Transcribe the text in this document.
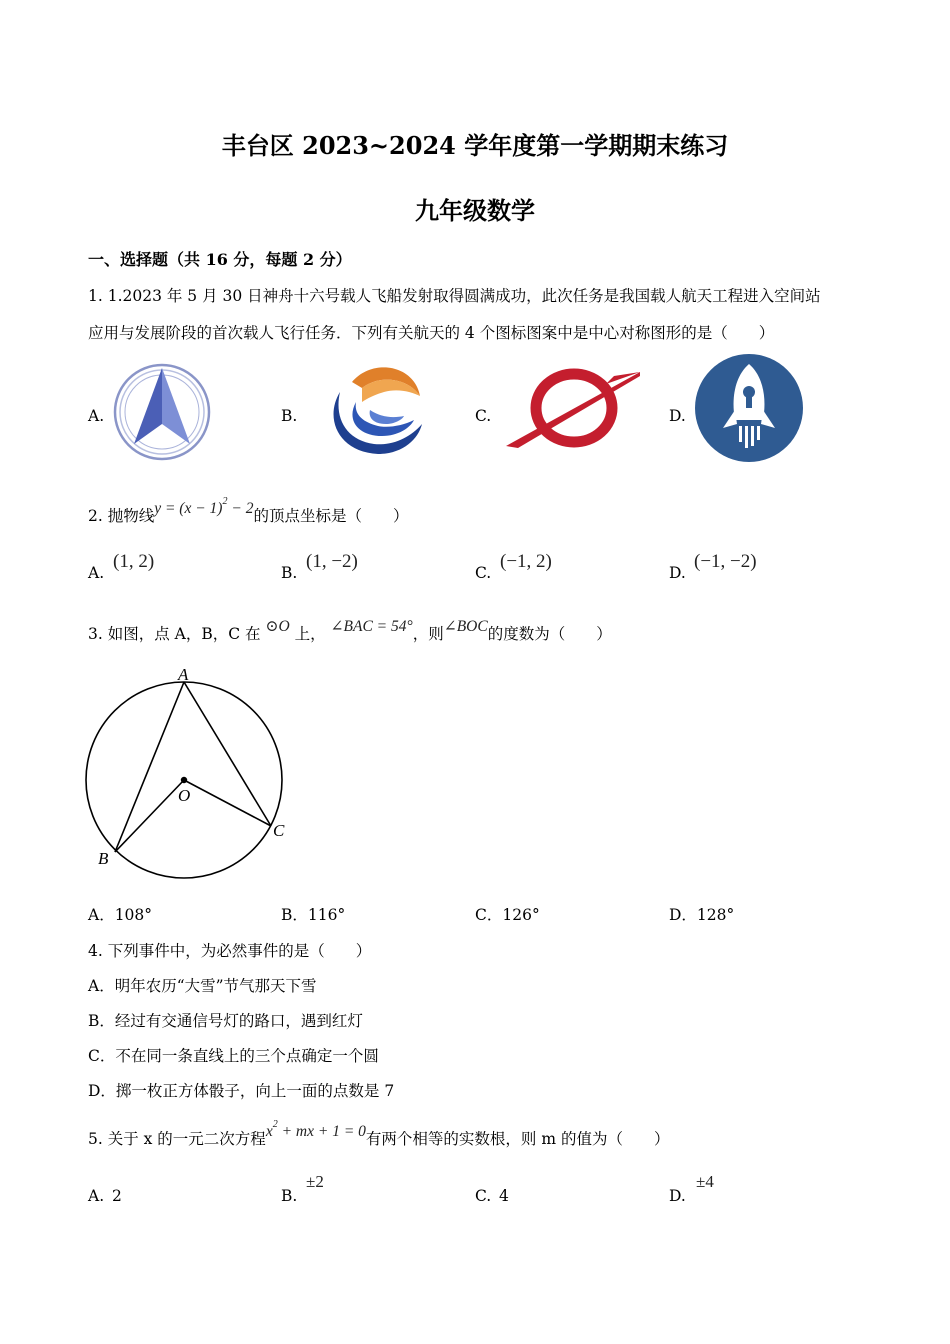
丰台区 2023~2024 学年度第一学期期末练习
九年级数学
一、选择题（共 16 分，每题 2 分）
1. 1.2023 年 5 月 30 日神舟十六号载人飞船发射取得圆满成功，此次任务是我国载人航天工程进入空间站
应用与发展阶段的首次载人飞行任务．下列有关航天的 4 个图标图案中是中心对称图形的是（　　）
A.	B.	C.	D.
2. 抛物线$y = (x - 1)^2 - 2$的顶点坐标是（　　）
A.
(1, 2)
B.
(1, −2)
C.
(−1, 2)
D.
(−1, −2)
3. 如图，点 A，B，C 在 ⊙O 上， ∠BAC = 54°，则∠BOC的度数为（　　）
A
B
C
O
A．108°	B．116°	C．126°	D．128°
4. 下列事件中，为必然事件的是（　　）
A．明年农历“大雪”节气那天下雪
B．经过有交通信号灯的路口，遇到红灯
C．不在同一条直线上的三个点确定一个圆
D．掷一枚正方体骰子，向上一面的点数是 7
5. 关于 x 的一元二次方程$x^2$ + mx + 1 = 0有两个相等的实数根，则 m 的值为（　　）
A. 2	B.
±2
C. 4	D.
±4
